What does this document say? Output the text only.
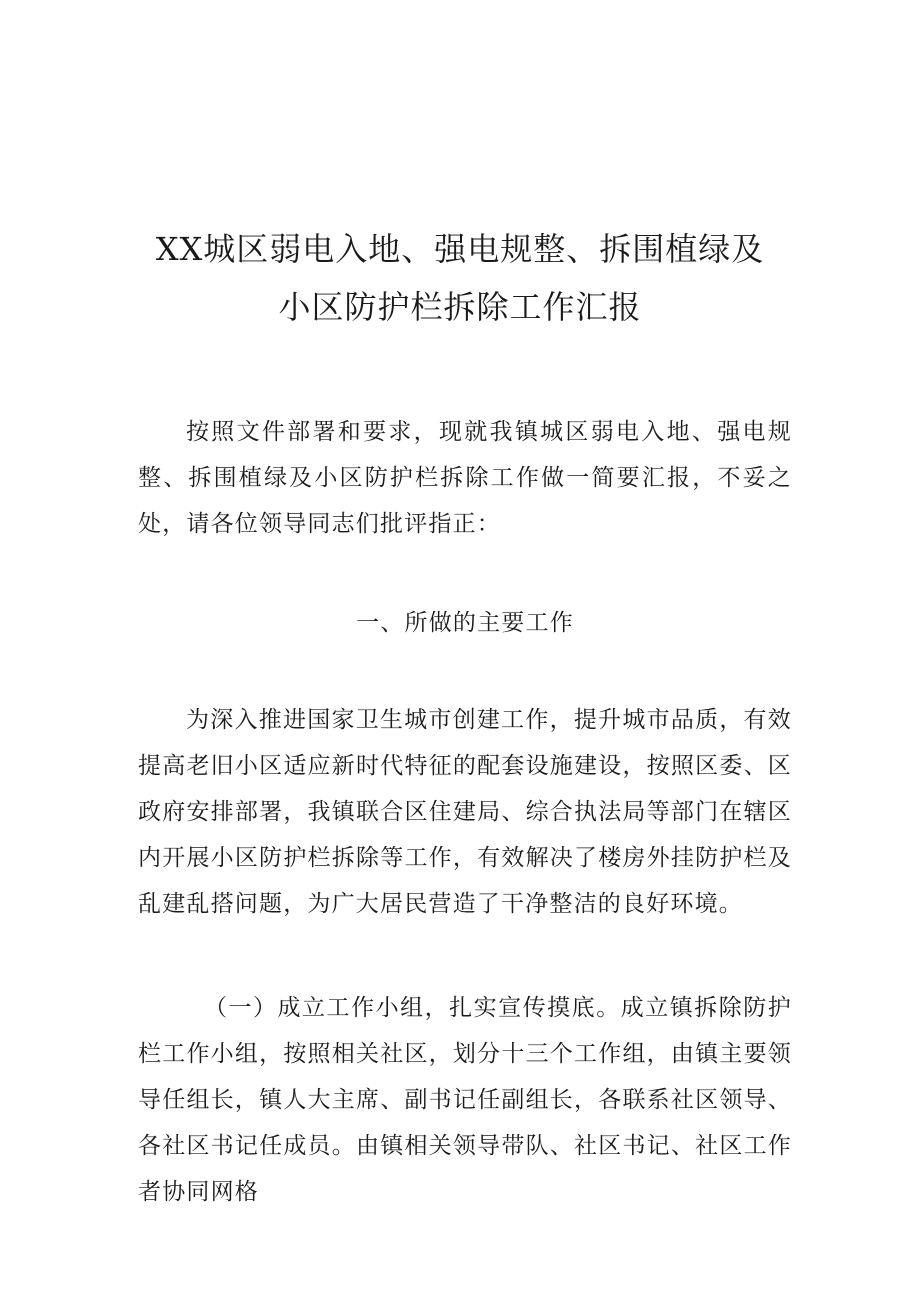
XX城区弱电入地、强电规整、拆围植绿及
小区防护栏拆除工作汇报

按照文件部署和要求，现就我镇城区弱电入地、强电规整、拆围植绿及小区防护栏拆除工作做一简要汇报，不妥之处，请各位领导同志们批评指正：

一、所做的主要工作

为深入推进国家卫生城市创建工作，提升城市品质，有效提高老旧小区适应新时代特征的配套设施建设，按照区委、区政府安排部署，我镇联合区住建局、综合执法局等部门在辖区内开展小区防护栏拆除等工作，有效解决了楼房外挂防护栏及乱建乱搭问题，为广大居民营造了干净整洁的良好环境。

（一）成立工作小组，扎实宣传摸底。成立镇拆除防护栏工作小组，按照相关社区，划分十三个工作组，由镇主要领导任组长，镇人大主席、副书记任副组长，各联系社区领导、各社区书记任成员。由镇相关领导带队、社区书记、社区工作者协同网格
